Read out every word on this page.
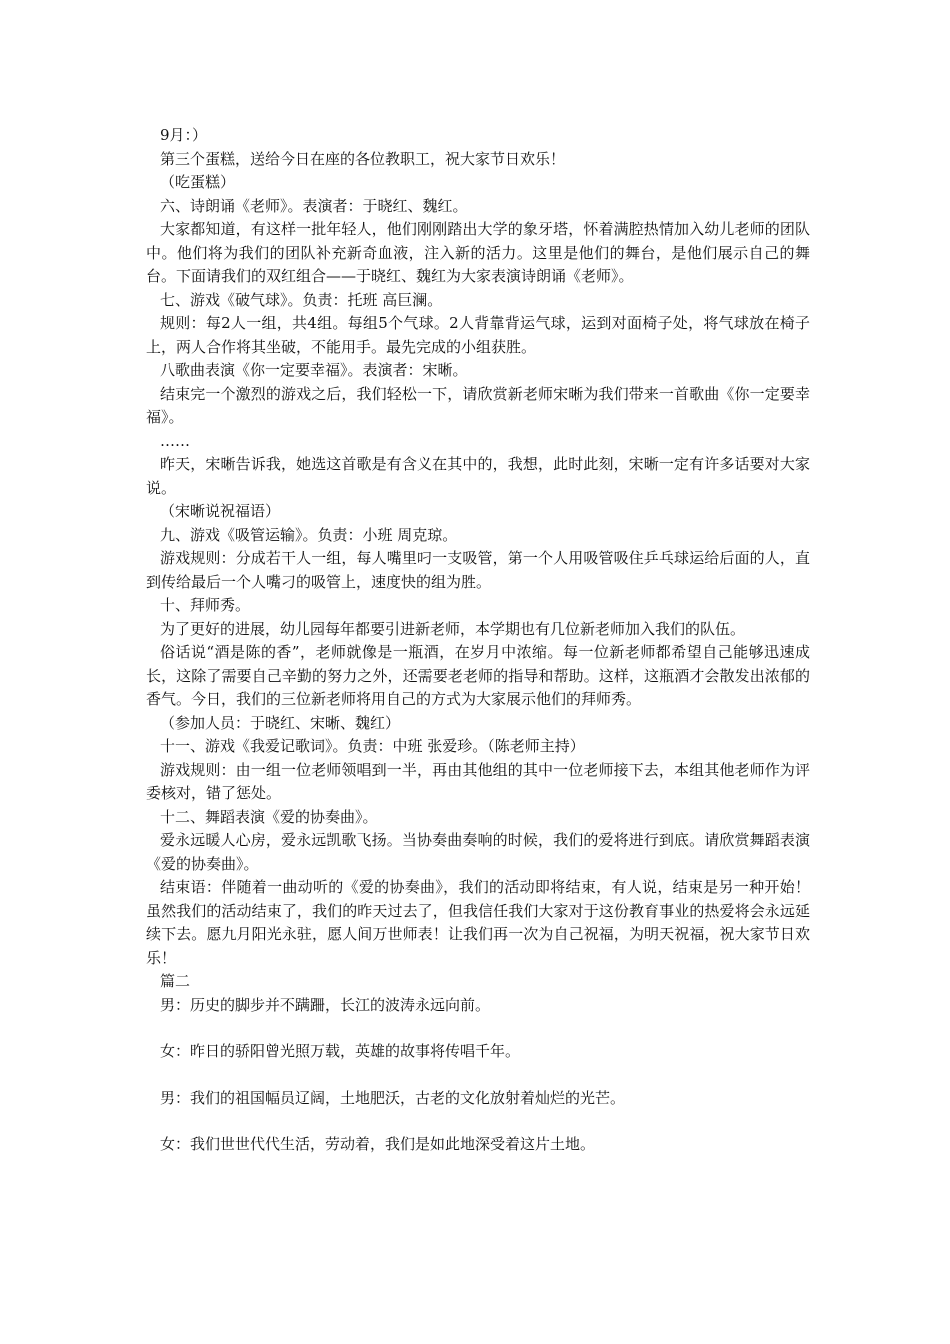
9月：）

第三个蛋糕，送给今日在座的各位教职工，祝大家节日欢乐！

（吃蛋糕）

六、诗朗诵《老师》。表演者：于晓红、魏红。

大家都知道，有这样一批年轻人，他们刚刚踏出大学的象牙塔，怀着满腔热情加入幼儿老师的团队中。他们将为我们的团队补充新奇血液，注入新的活力。这里是他们的舞台，是他们展示自己的舞台。下面请我们的双红组合——于晓红、魏红为大家表演诗朗诵《老师》。

七、游戏《破气球》。负责：托班 高巨澜。

规则：每2人一组，共4组。每组5个气球。2人背靠背运气球，运到对面椅子处，将气球放在椅子上，两人合作将其坐破，不能用手。最先完成的小组获胜。

八歌曲表演《你一定要幸福》。表演者：宋晰。

结束完一个激烈的游戏之后，我们轻松一下，请欣赏新老师宋晰为我们带来一首歌曲《你一定要幸福》。

……

昨天，宋晰告诉我，她选这首歌是有含义在其中的，我想，此时此刻，宋晰一定有许多话要对大家说。

（宋晰说祝福语）

九、游戏《吸管运输》。负责：小班 周克琼。

游戏规则：分成若干人一组，每人嘴里叼一支吸管，第一个人用吸管吸住乒乓球运给后面的人，直到传给最后一个人嘴刁的吸管上，速度快的组为胜。

十、拜师秀。

为了更好的进展，幼儿园每年都要引进新老师，本学期也有几位新老师加入我们的队伍。

俗话说“酒是陈的香”，老师就像是一瓶酒，在岁月中浓缩。每一位新老师都希望自己能够迅速成长，这除了需要自己辛勤的努力之外，还需要老老师的指导和帮助。这样，这瓶酒才会散发出浓郁的香气。今日，我们的三位新老师将用自己的方式为大家展示他们的拜师秀。

（参加人员：于晓红、宋晰、魏红）

十一、游戏《我爱记歌词》。负责：中班 张爱珍。（陈老师主持）

游戏规则：由一组一位老师领唱到一半，再由其他组的其中一位老师接下去，本组其他老师作为评委核对，错了惩处。

十二、舞蹈表演《爱的协奏曲》。

爱永远暖人心房，爱永远凯歌飞扬。当协奏曲奏响的时候，我们的爱将进行到底。请欣赏舞蹈表演《爱的协奏曲》。

结束语：伴随着一曲动听的《爱的协奏曲》，我们的活动即将结束，有人说，结束是另一种开始！虽然我们的活动结束了，我们的昨天过去了，但我信任我们大家对于这份教育事业的热爱将会永远延续下去。愿九月阳光永驻，愿人间万世师表！让我们再一次为自己祝福，为明天祝福，祝大家节日欢乐！

篇二

男：历史的脚步并不蹒跚，长江的波涛永远向前。

女：昨日的骄阳曾光照万载，英雄的故事将传唱千年。

男：我们的祖国幅员辽阔，土地肥沃，古老的文化放射着灿烂的光芒。

女：我们世世代代生活，劳动着，我们是如此地深受着这片土地。
